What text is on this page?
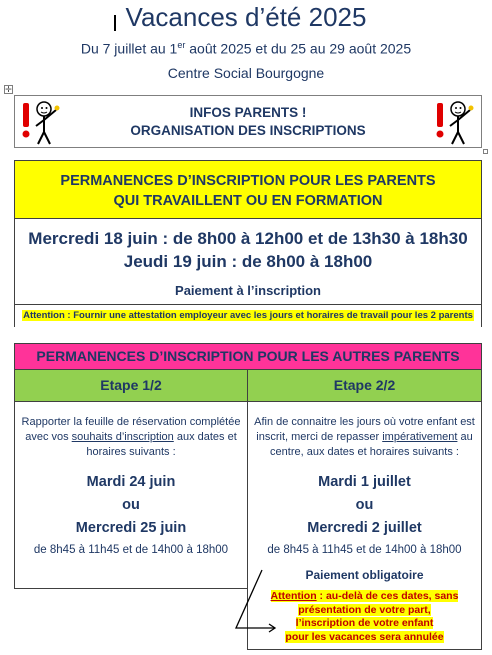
Vacances d’été 2025
Du 7 juillet au 1er août 2025 et du 25 au 29 août 2025
Centre Social Bourgogne
✛
INFOS PARENTS !
ORGANISATION DES INSCRIPTIONS
PERMANENCES D’INSCRIPTION POUR LES PARENTS
QUI TRAVAILLENT OU EN FORMATION
Mercredi 18 juin : de 8h00 à 12h00 et de 13h30 à 18h30
Jeudi 19 juin : de 8h00 à 18h00
Paiement à l’inscription
Attention : Fournir une attestation employeur avec les jours et horaires de travail pour les 2 parents
PERMANENCES D’INSCRIPTION POUR LES AUTRES PARENTS
Etape 1/2
Rapporter la feuille de réservation complétée avec vos souhaits d’inscription aux dates et horaires suivants :
Mardi 24 juin
ou
Mercredi 25 juin
de 8h45 à 11h45 et de 14h00 à 18h00
Etape 2/2
Afin de connaitre les jours où votre enfant est inscrit, merci de repasser impérativement au centre, aux dates et horaires suivants :
Mardi 1 juillet
ou
Mercredi 2 juillet
de 8h45 à 11h45 et de 14h00 à 18h00
Paiement obligatoire
Attention : au-delà de ces dates, sans
présentation de votre part,
l’inscription de votre enfant
pour les vacances sera annulée
